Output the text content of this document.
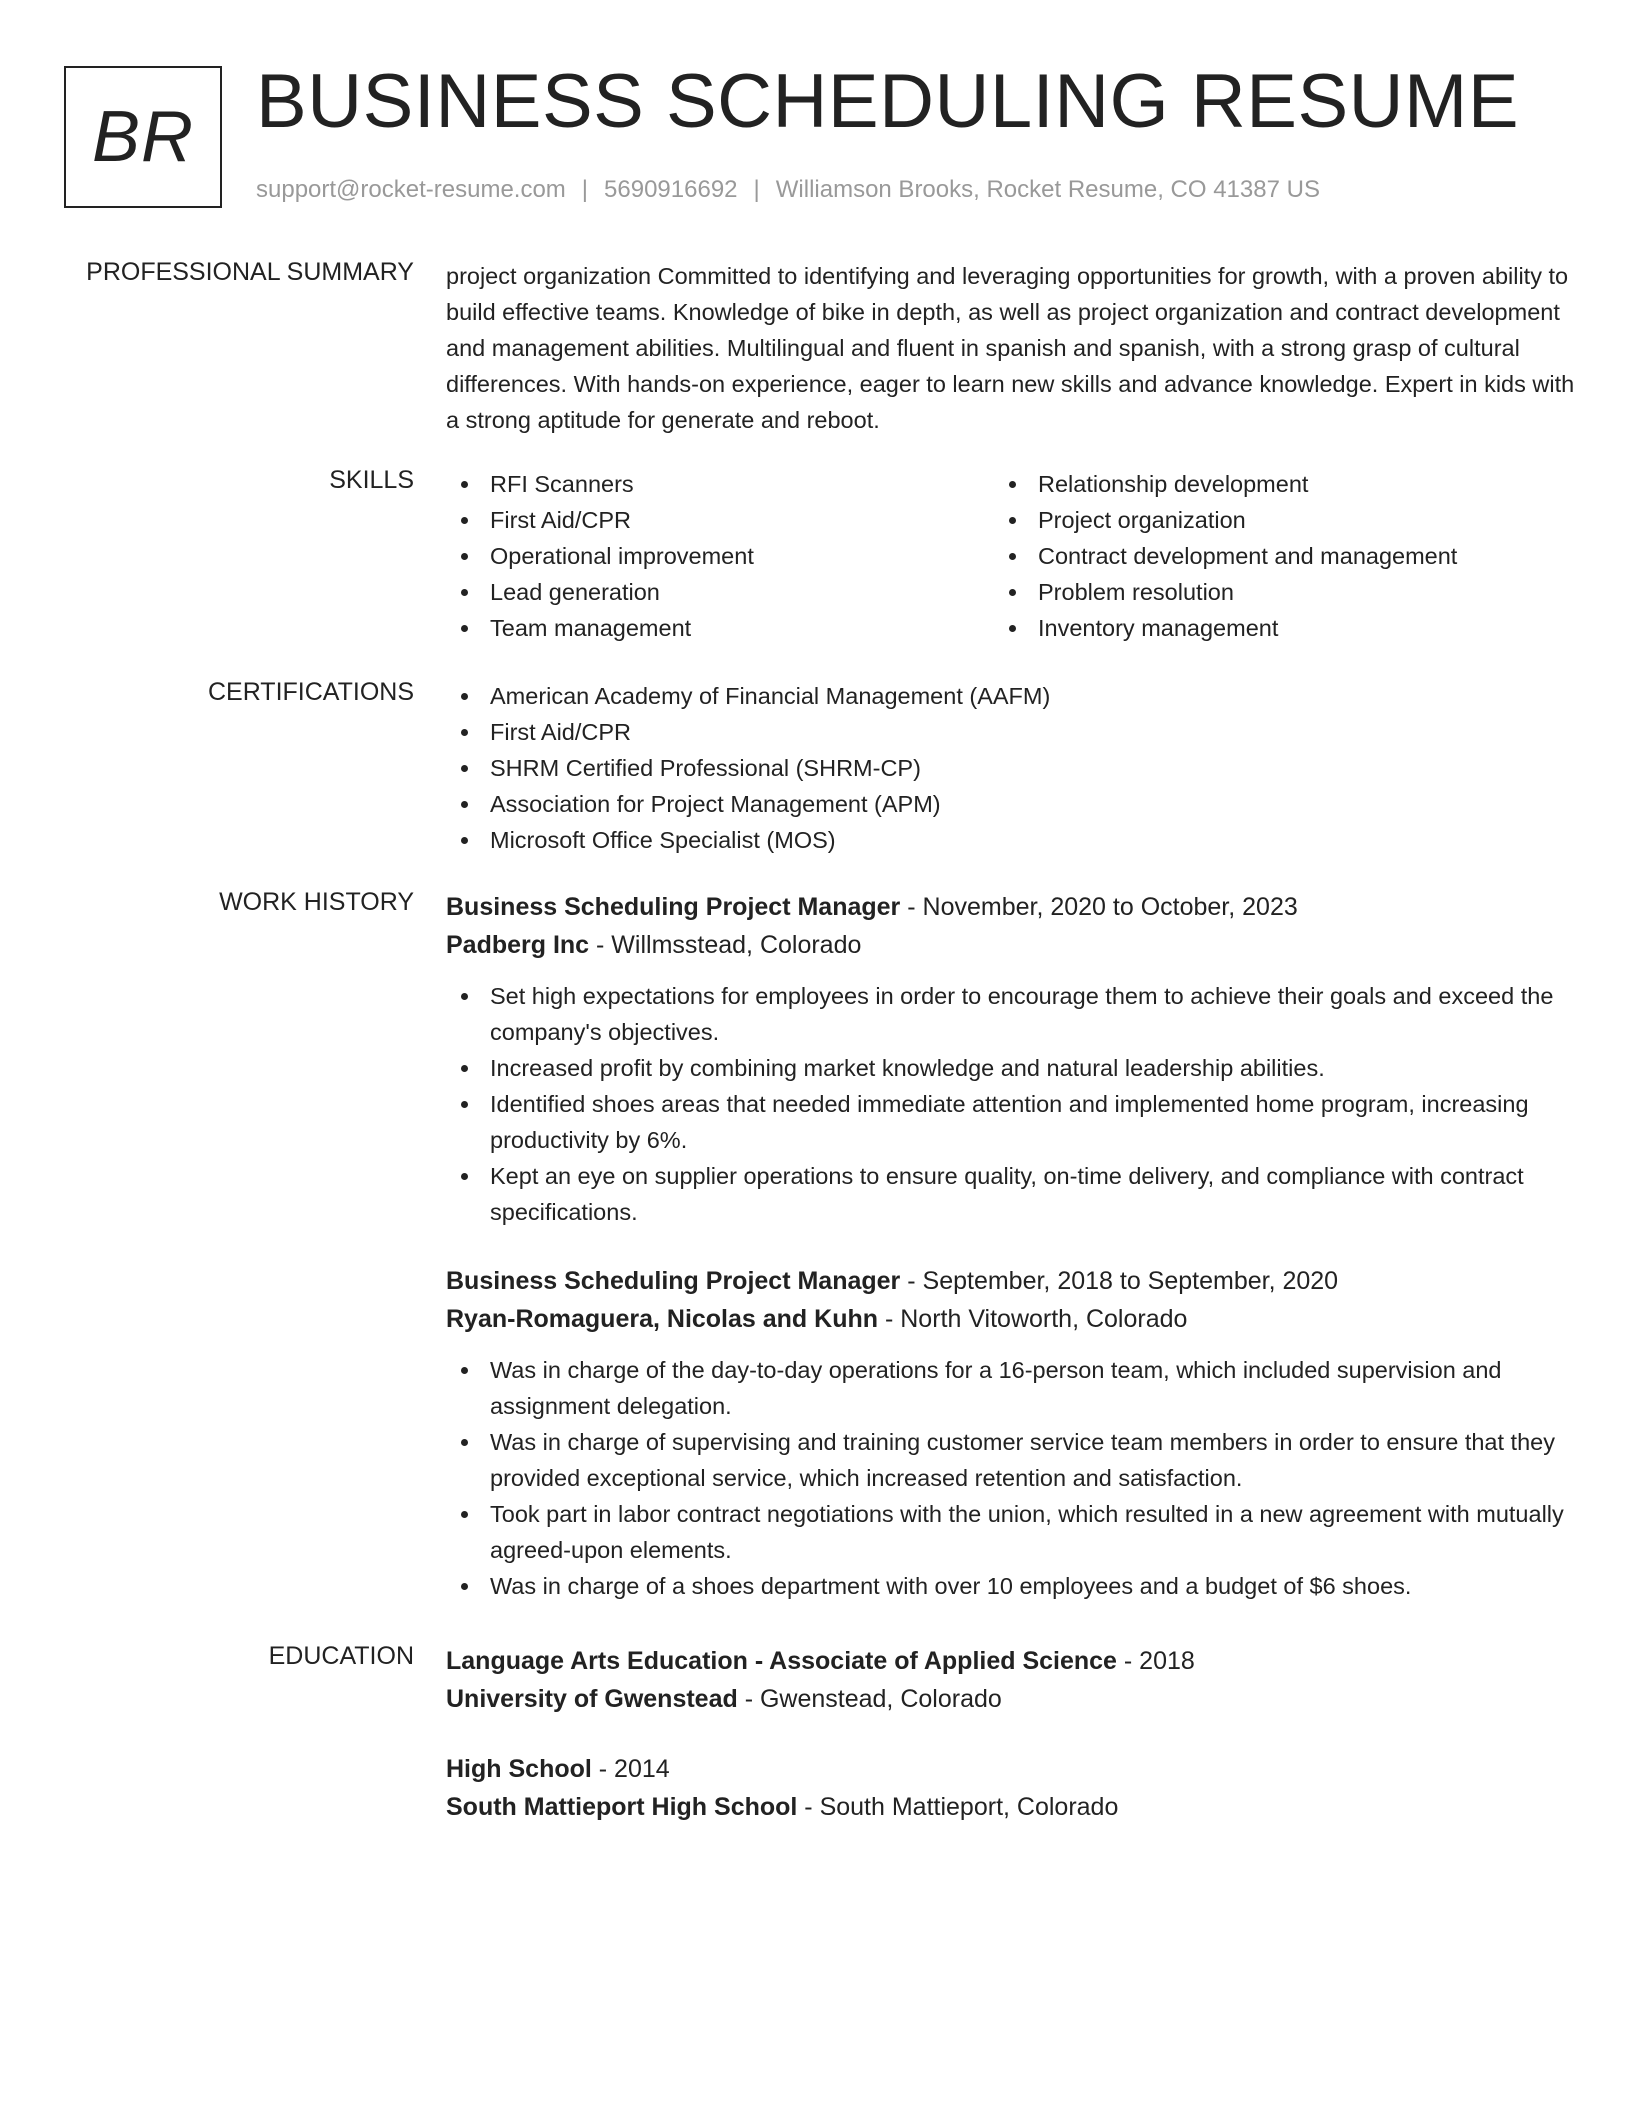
BR BUSINESS SCHEDULING RESUME
support@rocket-resume.com | 5690916692 | Williamson Brooks, Rocket Resume, CO 41387 US
PROFESSIONAL SUMMARY project organization Committed to identifying and leveraging opportunities for growth, with a proven ability to build effective teams. Knowledge of bike in depth, as well as project organization and contract development and management abilities. Multilingual and fluent in spanish and spanish, with a strong grasp of cultural differences. With hands-on experience, eager to learn new skills and advance knowledge. Expert in kids with a strong aptitude for generate and reboot.
SKILLS	RFI Scanners
First Aid/CPR
Operational improvement
Lead generation
Team management
Relationship development
Project organization
Contract development and management
Problem resolution
Inventory management
CERTIFICATIONS	American Academy of Financial Management (AAFM)
First Aid/CPR
SHRM Certified Professional (SHRM-CP)
Association for Project Management (APM)
Microsoft Office Specialist (MOS)
WORK HISTORY Business Scheduling Project Manager - November, 2020 to October, 2023
Padberg Inc - Willmsstead, Colorado
Set high expectations for employees in order to encourage them to achieve their goals and exceed the company's objectives.
Increased profit by combining market knowledge and natural leadership abilities.
Identified shoes areas that needed immediate attention and implemented home program, increasing productivity by 6%.
Kept an eye on supplier operations to ensure quality, on-time delivery, and compliance with contract specifications.
Business Scheduling Project Manager - September, 2018 to September, 2020
Ryan-Romaguera, Nicolas and Kuhn - North Vitoworth, Colorado
Was in charge of the day-to-day operations for a 16-person team, which included supervision and assignment delegation.
Was in charge of supervising and training customer service team members in order to ensure that they provided exceptional service, which increased retention and satisfaction.
Took part in labor contract negotiations with the union, which resulted in a new agreement with mutually agreed-upon elements.
Was in charge of a shoes department with over 10 employees and a budget of $6 shoes.
EDUCATION Language Arts Education - Associate of Applied Science - 2018
University of Gwenstead - Gwenstead, Colorado
High School - 2014
South Mattieport High School - South Mattieport, Colorado
